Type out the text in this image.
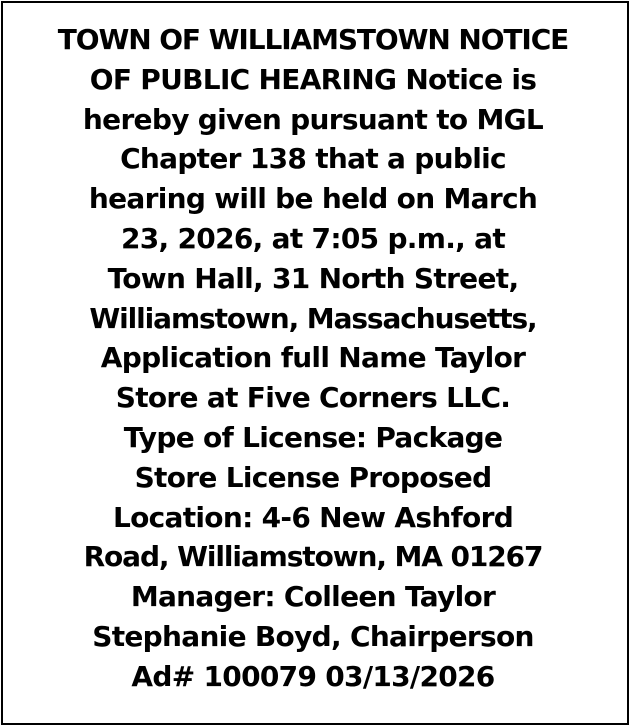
TOWN OF WILLIAMSTOWN NOTICE
OF PUBLIC HEARING Notice is
hereby given pursuant to MGL
Chapter 138 that a public
hearing will be held on March
23, 2026, at 7:05 p.m., at
Town Hall, 31 North Street,
Williamstown, Massachusetts,
Application full Name Taylor
Store at Five Corners LLC.
Type of License: Package
Store License Proposed
Location: 4-6 New Ashford
Road, Williamstown, MA 01267
Manager: Colleen Taylor
Stephanie Boyd, Chairperson
Ad# 100079 03/13/2026
